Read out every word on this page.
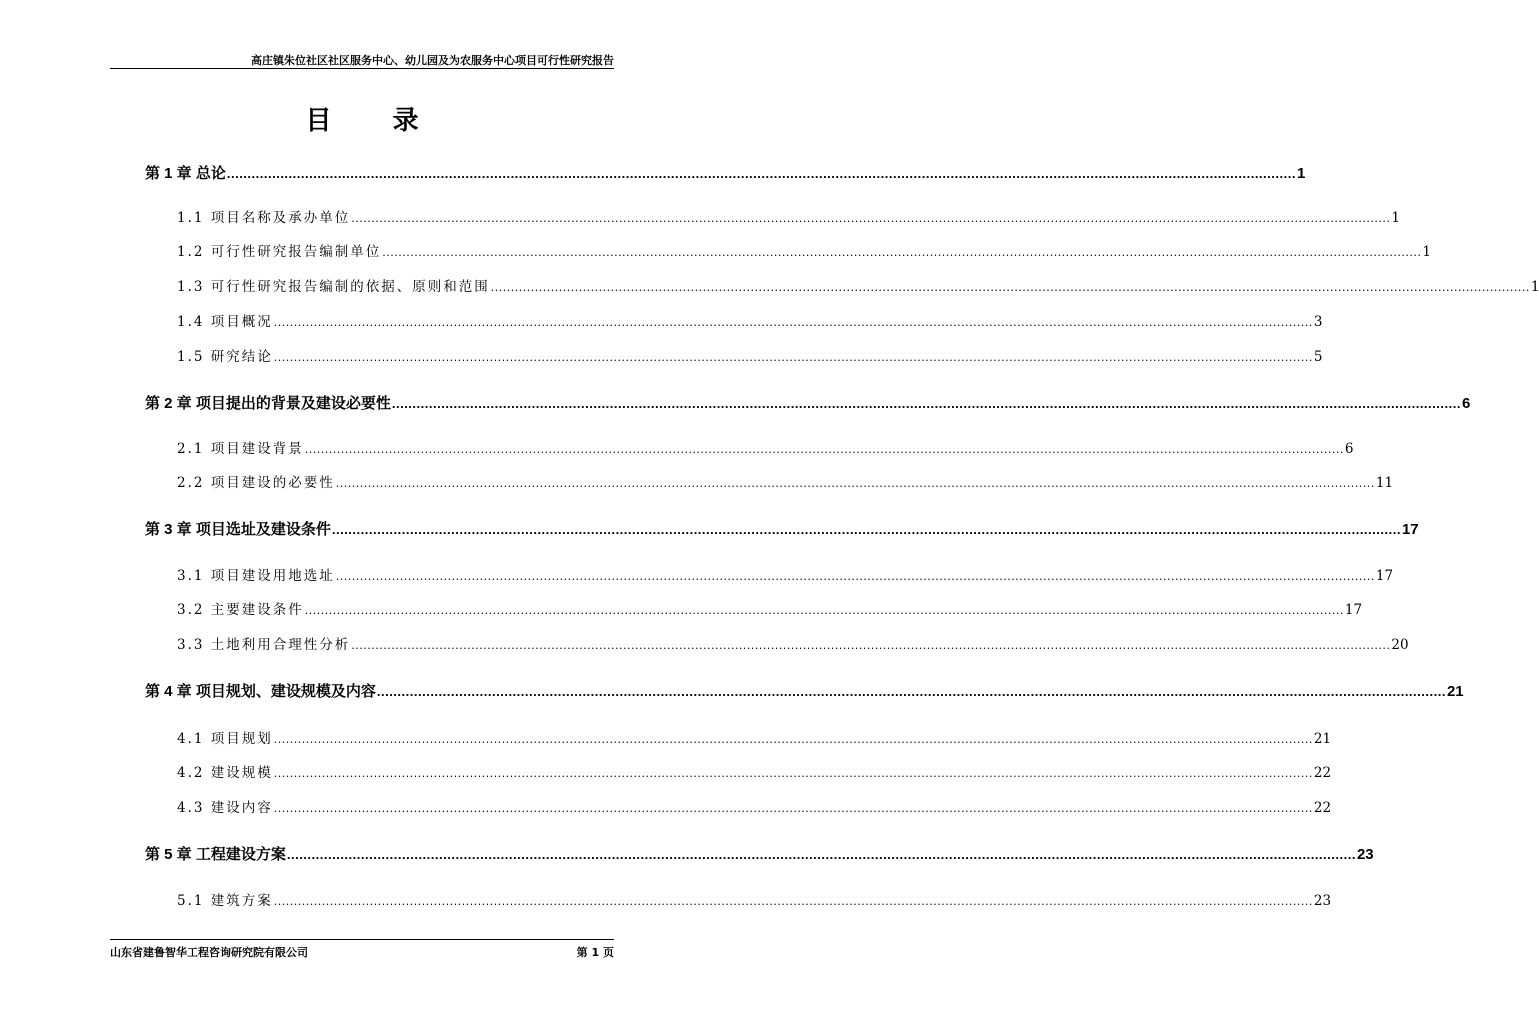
高庄镇朱位社区社区服务中心、幼儿园及为农服务中心项目可行性研究报告
目 录
第 1 章 总论 .................................................................................................................................................................................................................................................................... 1
1.1 项目名称及承办单位 .................................................................................................................................................................................................................................................................... 1
1.2 可行性研究报告编制单位 .................................................................................................................................................................................................................................................................... 1
1.3 可行性研究报告编制的依据、原则和范围 .................................................................................................................................................................................................................................................................... 1
1.4 项目概况 .................................................................................................................................................................................................................................................................... 3
1.5 研究结论 .................................................................................................................................................................................................................................................................... 5
第 2 章 项目提出的背景及建设必要性 .................................................................................................................................................................................................................................................................... 6
2.1 项目建设背景 .................................................................................................................................................................................................................................................................... 6
2.2 项目建设的必要性 .................................................................................................................................................................................................................................................................... 11
第 3 章 项目选址及建设条件 .................................................................................................................................................................................................................................................................... 17
3.1 项目建设用地选址 .................................................................................................................................................................................................................................................................... 17
3.2 主要建设条件 .................................................................................................................................................................................................................................................................... 17
3.3 土地利用合理性分析 .................................................................................................................................................................................................................................................................... 20
第 4 章 项目规划、建设规模及内容 .................................................................................................................................................................................................................................................................... 21
4.1 项目规划 .................................................................................................................................................................................................................................................................... 21
4.2 建设规模 .................................................................................................................................................................................................................................................................... 22
4.3 建设内容 .................................................................................................................................................................................................................................................................... 22
第 5 章 工程建设方案 .................................................................................................................................................................................................................................................................... 23
5.1 建筑方案 .................................................................................................................................................................................................................................................................... 23
山东省建鲁智华工程咨询研究院有限公司	第 1 页
